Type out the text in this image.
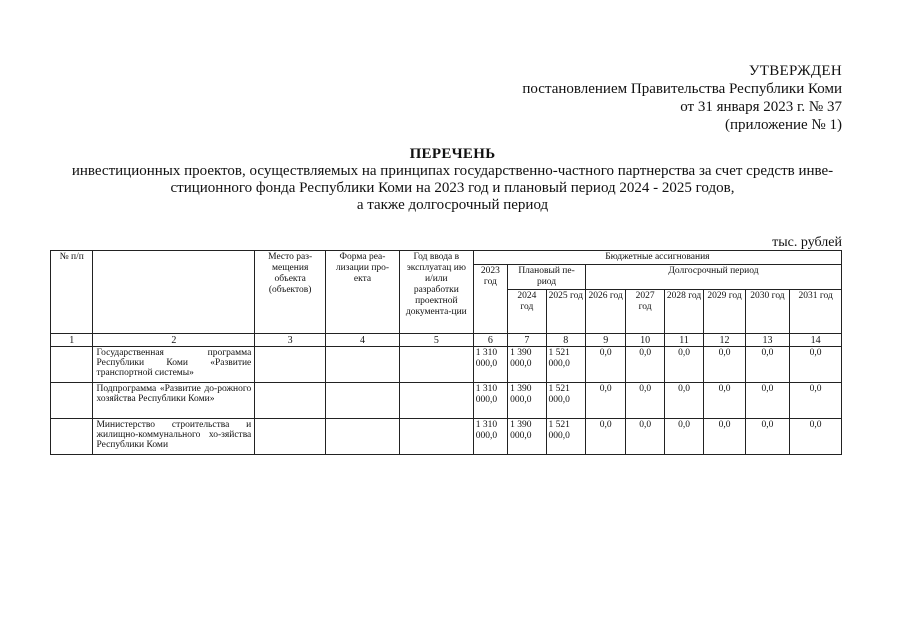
УТВЕРЖДЕН
постановлением Правительства Республики Коми
от 31 января 2023 г. № 37
(приложение № 1)
ПЕРЕЧЕНЬ
инвестиционных проектов, осуществляемых на принципах государственно-частного партнерства за счет средств инве-
стиционного фонда Республики Коми на 2023 год и плановый период 2024 - 2025 годов,
а также долгосрочный период
тыс. рублей
№ п/п		Место раз-мещения объекта (объектов)	Форма реа-лизации про-екта	Год ввода в эксплуатац ию и/или разработки проектной документа-ции	Бюджетные ассигнования								
					2023 год	Плановый пе-риод		Долгосрочный период					
						2024 год	2025 год	2026 год	2027 год	2028 год	2029 год	2030 год	2031 год
1	2	3	4	5	6	7	8	9	10	11	12	13	14
	Государственная программа Республики Коми «Развитие транспортной системы»				1 310 000,0	1 390 000,0	1 521 000,0	0,0	0,0	0,0	0,0	0,0	0,0
	Подпрограмма «Развитие до-рожного хозяйства Республики Коми»				1 310 000,0	1 390 000,0	1 521 000,0	0,0	0,0	0,0	0,0	0,0	0,0
	Министерство строительства и жилищно-коммунального хо-зяйства Республики Коми				1 310 000,0	1 390 000,0	1 521 000,0	0,0	0,0	0,0	0,0	0,0	0,0
